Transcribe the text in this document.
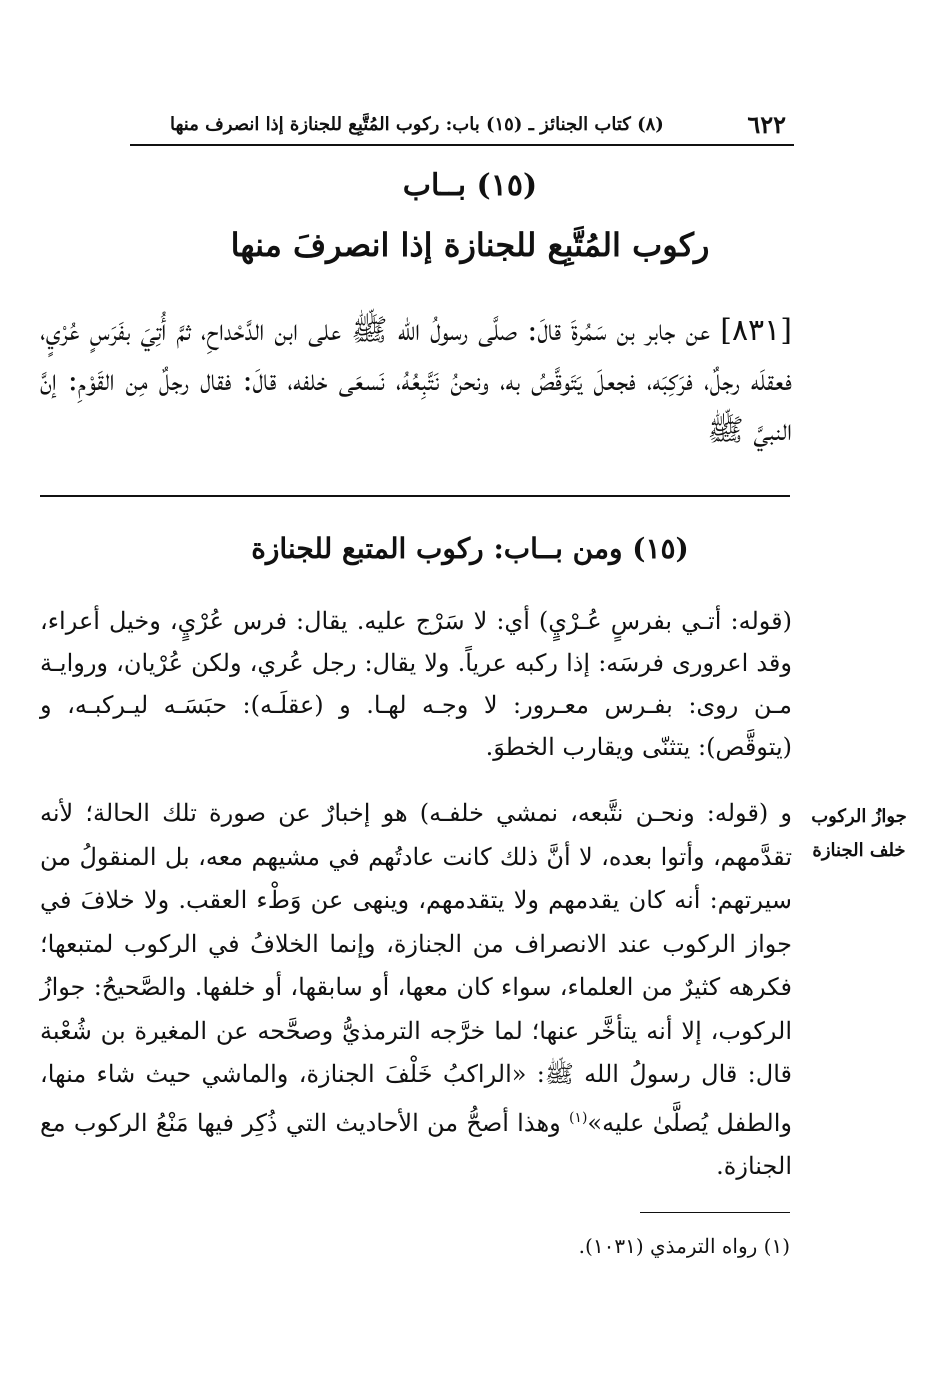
٦٢٢
(٨) كتاب الجنائز ـ (١٥) باب: ركوب المُتَّبِع للجنازة إذا انصرف منها
(١٥) بــاب
ركوب المُتَّبِع للجنازة إذا انصرفَ منها
[٨٣١] عن جابر بن سَمُرةَ قالَ: صلَّى رسولُ الله ﷺ على ابن الدَّحْداحِ، ثمَّ أُتِيَ بفَرَسٍ عُرْيٍ، فعقلَه رجلٌ، فرَكِبَه، فجعلَ يَتَوقَّصُ به، ونحنُ نَتَّبِعُهُ، نَسعَى خلفه، قالَ: فقال رجلٌ مِن القَوْمِ: إنَّ النبيَّ ﷺ
(١٥) ومن بــاب: ركوب المتبع للجنازة
(قوله: أتـي بفرسٍ عُـرْيٍ) أي: لا سَرْج عليه. يقال: فرس عُرْيٍ، وخيل أعراء، وقد اعرورى فرسَه: إذا ركبه عرياً. ولا يقال: رجل عُري، ولكن عُرْيان، وروايـة مـن روى: بفـرس معـرور: لا وجـه لهـا. و (عقلَـه): حبَسَـه ليـركبـه، و (يتوقَّص): يتثنّى ويقارب الخطوَ.
و (قوله: ونحـن نتَّبعه، نمشي خلفـه) هو إخبارٌ عن صورة تلك الحالة؛ لأنه تقدَّمهم، وأتوا بعده، لا أنَّ ذلك كانت عادتُهم في مشيهم معه، بل المنقولُ من سيرتهم: أنه كان يقدمهم ولا يتقدمهم، وينهى عن وَطْء العقب. ولا خلافَ في جواز الركوب عند الانصراف من الجنازة، وإنما الخلافُ في الركوب لمتبعها؛ فكرهه كثيرٌ من العلماء، سواء كان معها، أو سابقها، أو خلفها. والصَّحيحُ: جوازُ الركوب، إلا أنه يتأخَّر عنها؛ لما خرَّجه الترمذيُّ وصحَّحه عن المغيرة بن شُعْبة قال: قال رسولُ الله ﷺ: «الراكبُ خَلْفَ الجنازة، والماشي حيث شاء منها، والطفل يُصلَّىٰ عليه»$^{(١)}$ وهذا أصحُّ من الأحاديث التي ذُكِر فيها مَنْعُ الركوب مع الجنازة.
جوازُ الركوب
خلف الجنازة
(١) رواه الترمذي (١٠٣١).
